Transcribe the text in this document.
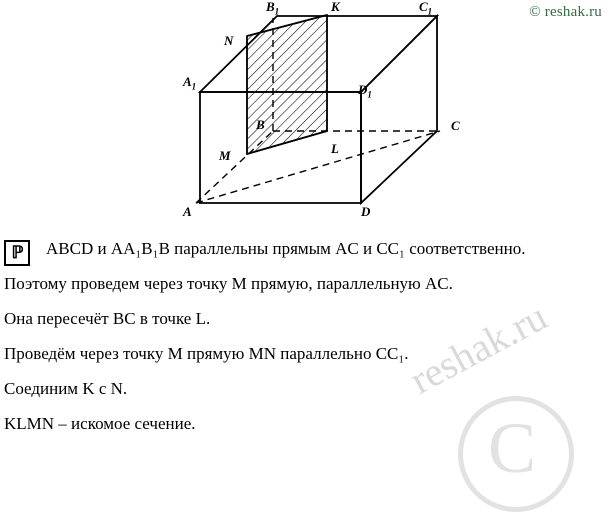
© reshak.ru
$B_1$	K	$C_1$
N
$A_1$	$D_1$
B	C
M	L
A	D
ℙ	ABCD и AA₁B₁B параллельны прямым AC и CC₁ соответственно.

Поэтому проведем через точку M прямую, параллельную AC.

Она пересечёт BC в точке L.

Проведём через точку M прямую MN параллельно CC₁.

Соединим K с N.

KLMN – искомое сечение.

reshak.ru
C
